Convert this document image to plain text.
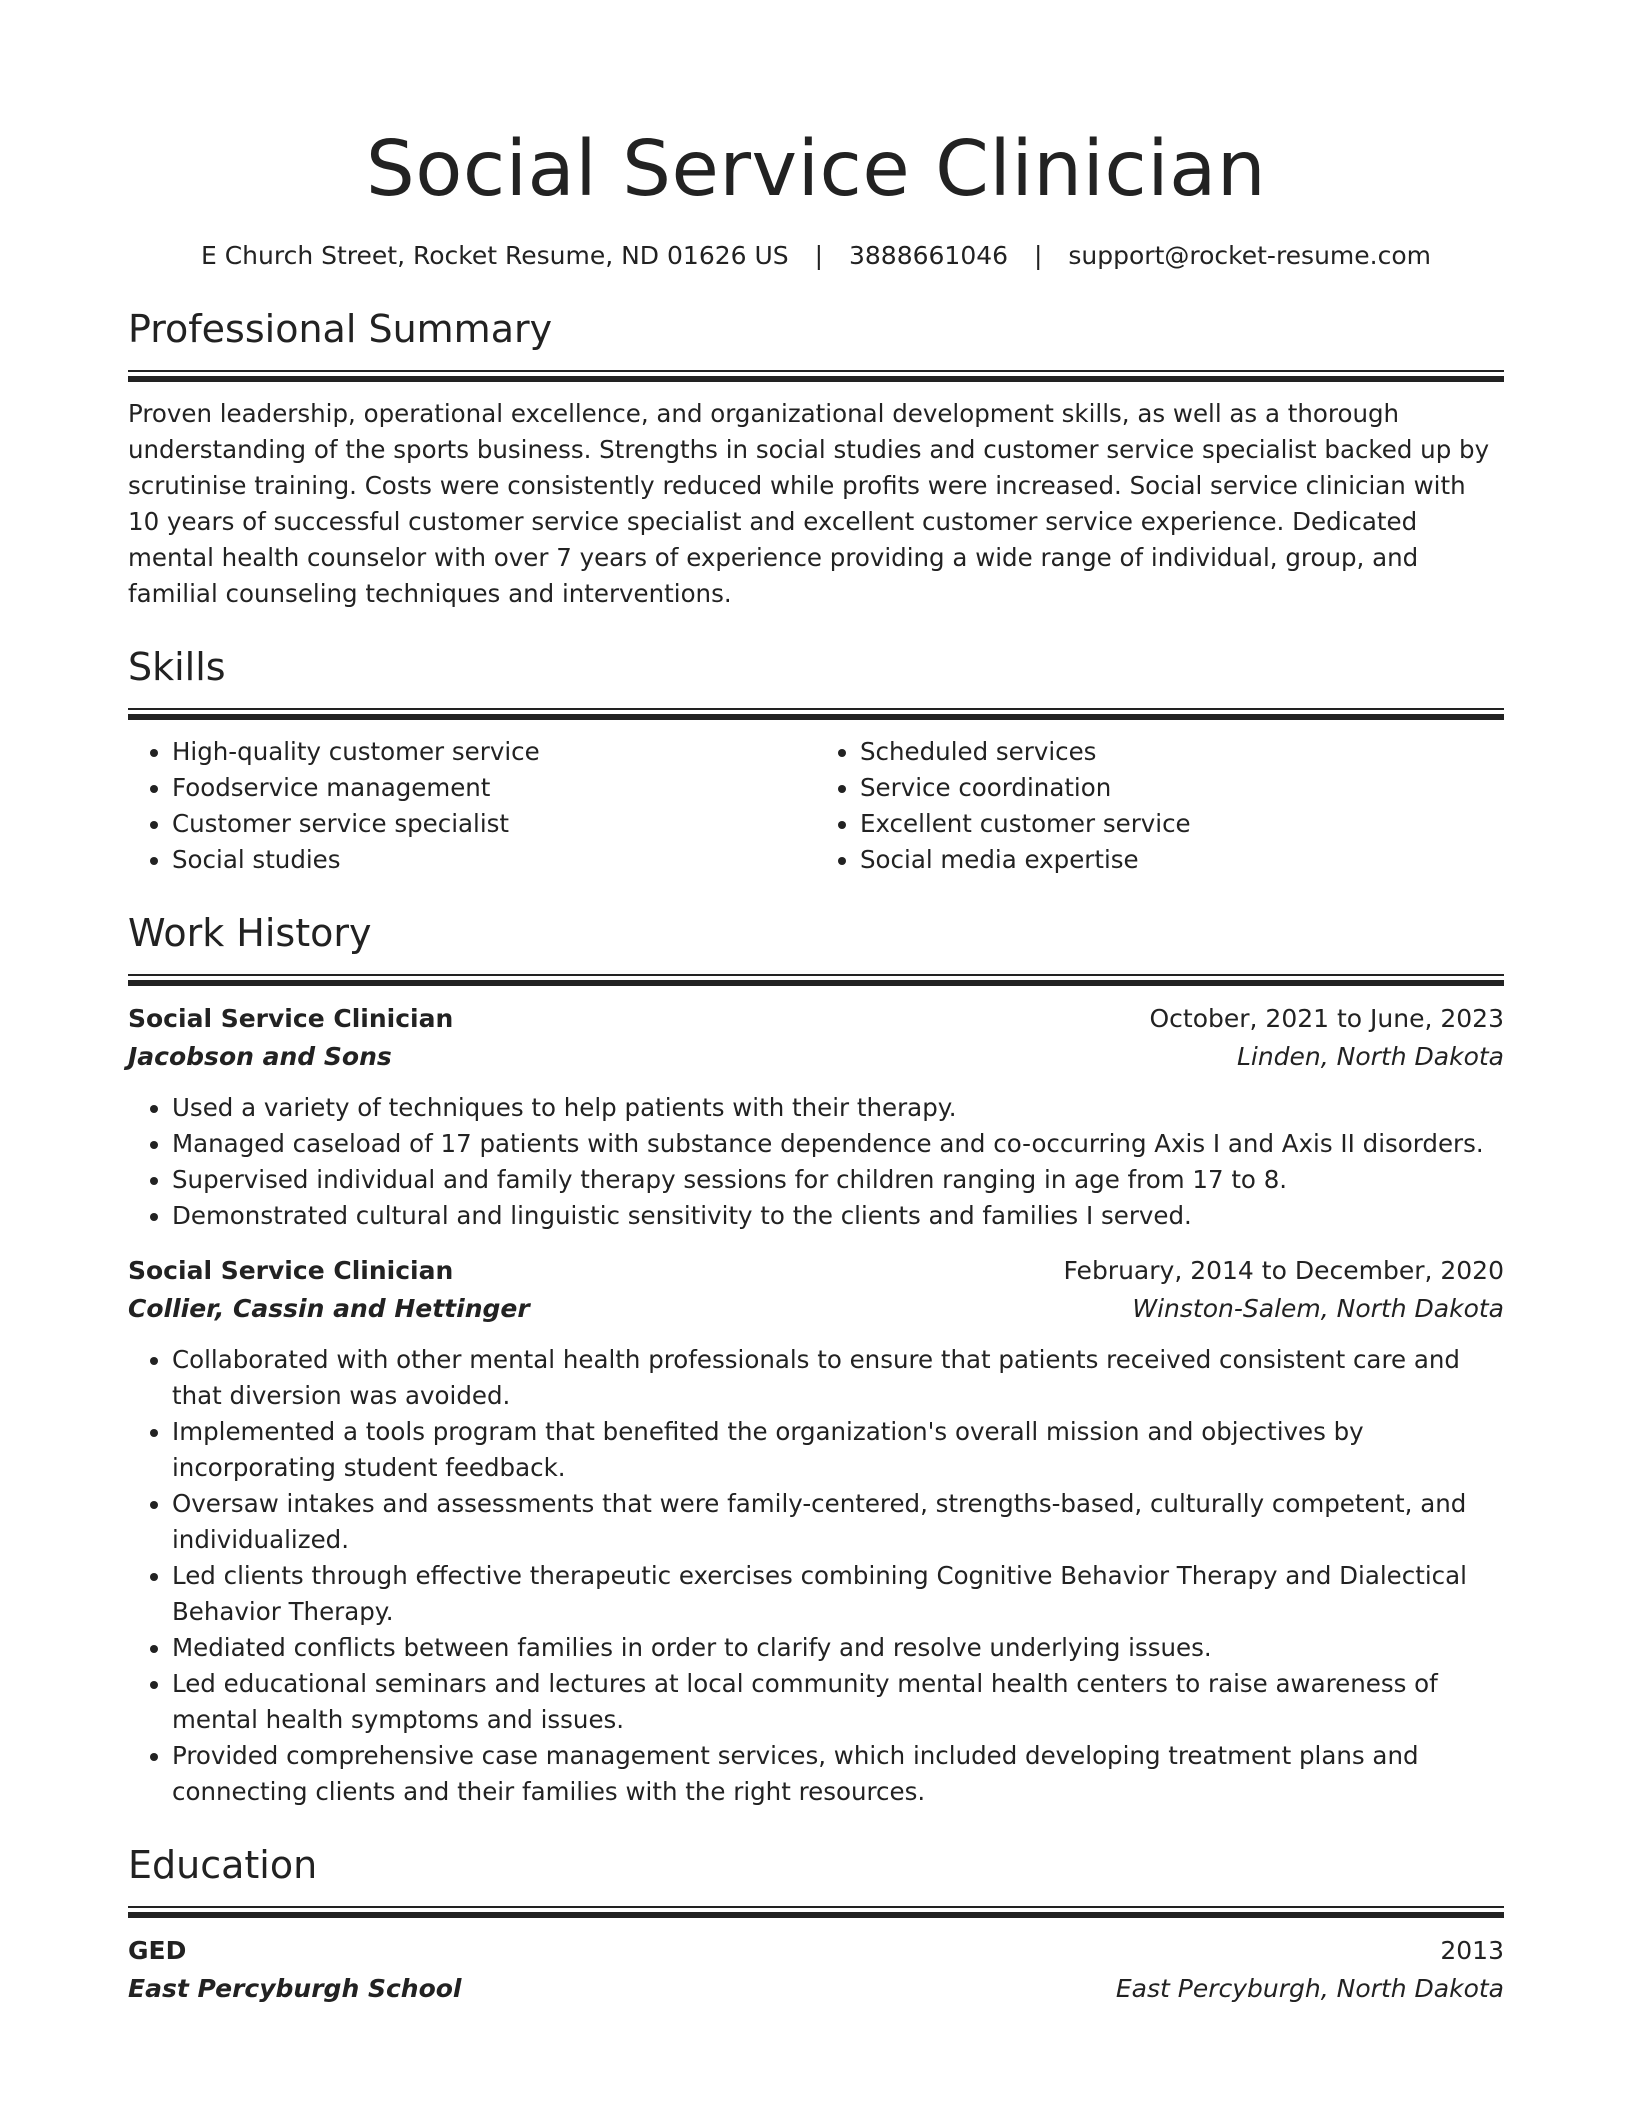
Social Service Clinician
E Church Street, Rocket Resume, ND 01626 US | 3888661046 | support@rocket-resume.com
Professional Summary

Proven leadership, operational excellence, and organizational development skills, as well as a thorough understanding of the sports business. Strengths in social studies and customer service specialist backed up by scrutinise training. Costs were consistently reduced while profits were increased. Social service clinician with 10 years of successful customer service specialist and excellent customer service experience. Dedicated mental health counselor with over 7 years of experience providing a wide range of individual, group, and familial counseling techniques and interventions.

Skills
• High-quality customer service
• Foodservice management
• Customer service specialist
• Social studies
• Scheduled services
• Service coordination
• Excellent customer service
• Social media expertise
Work History
Social Service Clinician	October, 2021 to June, 2023
Jacobson and Sons	Linden, North Dakota
• Used a variety of techniques to help patients with their therapy.
• Managed caseload of 17 patients with substance dependence and co-occurring Axis I and Axis II disorders.
• Supervised individual and family therapy sessions for children ranging in age from 17 to 8.
• Demonstrated cultural and linguistic sensitivity to the clients and families I served.
Social Service Clinician	February, 2014 to December, 2020
Collier, Cassin and Hettinger	Winston-Salem, North Dakota
• Collaborated with other mental health professionals to ensure that patients received consistent care and that diversion was avoided.
• Implemented a tools program that benefited the organization's overall mission and objectives by incorporating student feedback.
• Oversaw intakes and assessments that were family-centered, strengths-based, culturally competent, and individualized.
• Led clients through effective therapeutic exercises combining Cognitive Behavior Therapy and Dialectical Behavior Therapy.
• Mediated conflicts between families in order to clarify and resolve underlying issues.
• Led educational seminars and lectures at local community mental health centers to raise awareness of mental health symptoms and issues.
• Provided comprehensive case management services, which included developing treatment plans and connecting clients and their families with the right resources.
Education
GED	2013
East Percyburgh School	East Percyburgh, North Dakota
